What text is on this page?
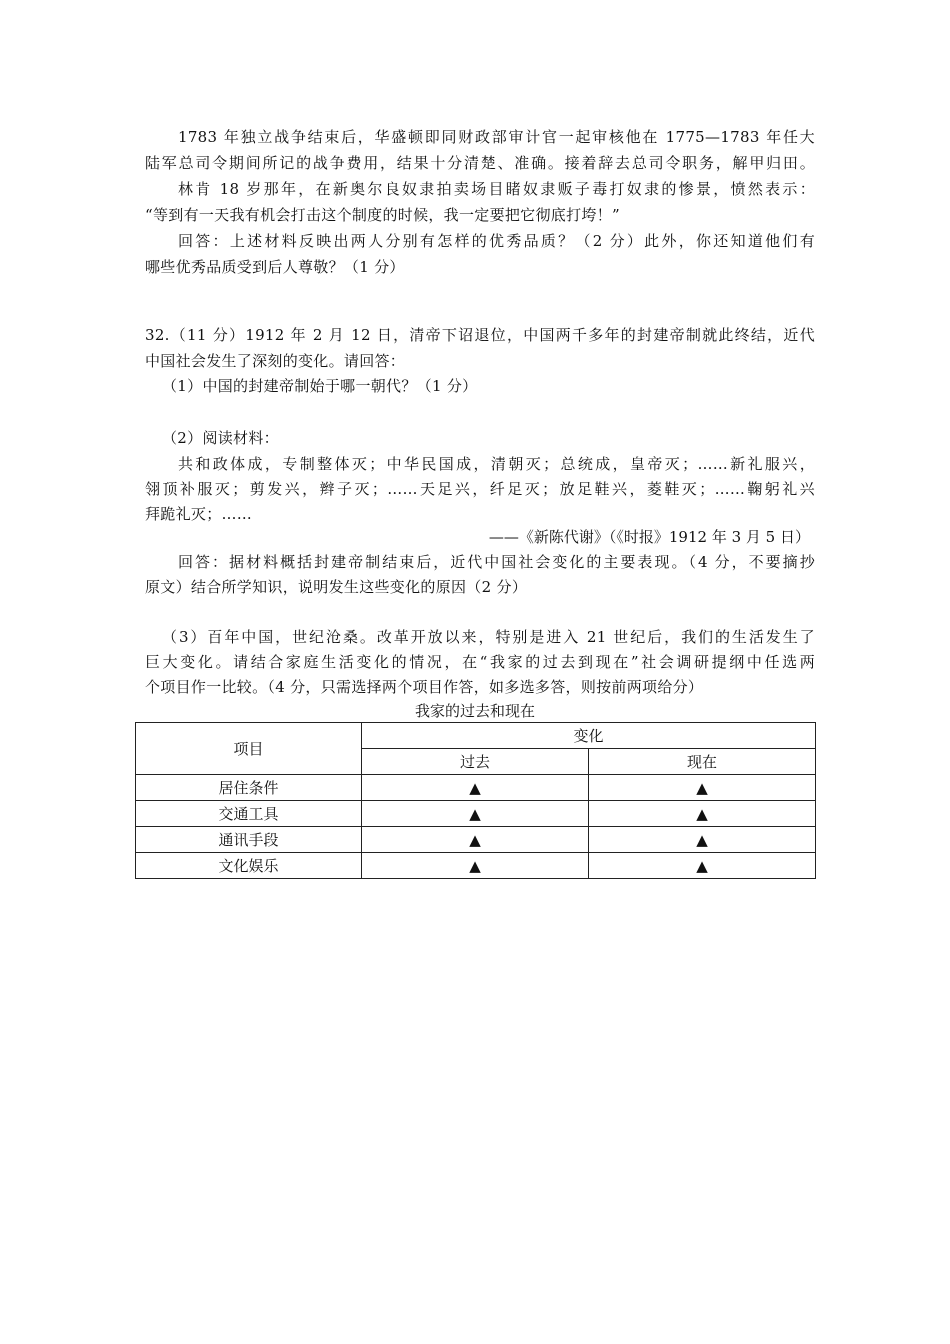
1783 年独立战争结束后，华盛顿即同财政部审计官一起审核他在 1775—1783 年任大
陆军总司令期间所记的战争费用，结果十分清楚、准确。接着辞去总司令职务，解甲归田。
林肯 18 岁那年，在新奥尔良奴隶拍卖场目睹奴隶贩子毒打奴隶的惨景，愤然表示：
“等到有一天我有机会打击这个制度的时候，我一定要把它彻底打垮！”
回答：上述材料反映出两人分别有怎样的优秀品质？（2 分）此外，你还知道他们有
哪些优秀品质受到后人尊敬？（1 分）
32.（11 分）1912 年 2 月 12 日，清帝下诏退位，中国两千多年的封建帝制就此终结，近代
中国社会发生了深刻的变化。请回答：
（1）中国的封建帝制始于哪一朝代？（1 分）
（2）阅读材料：
共和政体成，专制整体灭；中华民国成，清朝灭；总统成，皇帝灭；……新礼服兴，
翎顶补服灭；剪发兴，辫子灭；……天足兴，纤足灭；放足鞋兴，菱鞋灭；……鞠躬礼兴
拜跪礼灭；……
——《新陈代谢》（《时报》1912 年 3 月 5 日）
回答：据材料概括封建帝制结束后，近代中国社会变化的主要表现。（4 分，不要摘抄
原文）结合所学知识，说明发生这些变化的原因（2 分）
（3）百年中国，世纪沧桑。改革开放以来，特别是进入 21 世纪后，我们的生活发生了
巨大变化。请结合家庭生活变化的情况，在“我家的过去到现在”社会调研提纲中任选两
个项目作一比较。（4 分，只需选择两个项目作答，如多选多答，则按前两项给分）
我家的过去和现在
项目	变化	
	过去	现在
居住条件	▲	▲
交通工具	▲	▲
通讯手段	▲	▲
文化娱乐	▲	▲
